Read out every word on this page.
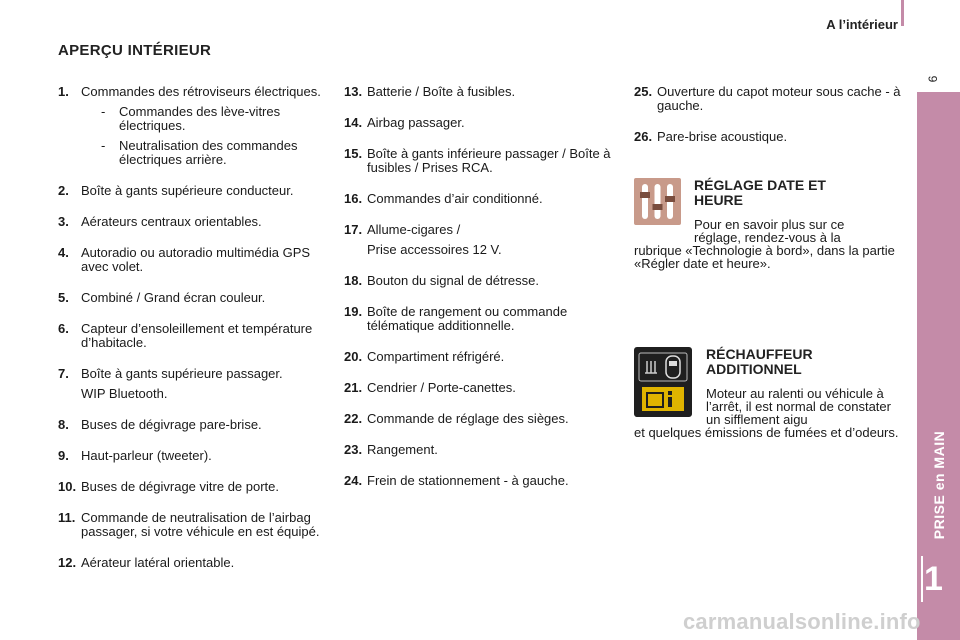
A l’intérieur
9
PRISE en MAIN
1
APERÇU INTÉRIEUR
1. Commandes des rétroviseurs électriques.
- Commandes des lève-vitres électriques.
- Neutralisation des commandes électriques arrière.
2. Boîte à gants supérieure conducteur.
3. Aérateurs centraux orientables.
4. Autoradio ou autoradio multimédia GPS avec volet.
5. Combiné / Grand écran couleur.
6. Capteur d’ensoleillement et température d’habitacle.
7. Boîte à gants supérieure passager.
WIP Bluetooth.
8. Buses de dégivrage pare-brise.
9. Haut-parleur (tweeter).
10. Buses de dégivrage vitre de porte.
11. Commande de neutralisation de l’airbag passager, si votre véhicule en est équipé.
12. Aérateur latéral orientable.
13. Batterie / Boîte à fusibles.
14. Airbag passager.
15. Boîte à gants inférieure passager / Boîte à fusibles / Prises RCA.
16. Commandes d’air conditionné.
17. Allume-cigares /
Prise accessoires 12 V.
18. Bouton du signal de détresse.
19. Boîte de rangement ou commande télématique additionnelle.
20. Compartiment réfrigéré.
21. Cendrier / Porte-canettes.
22. Commande de réglage des sièges.
23. Rangement.
24. Frein de stationnement - à gauche.
25. Ouverture du capot moteur sous cache - à gauche.
26. Pare-brise acoustique.
RÉGLAGE DATE ET HEURE
Pour en savoir plus sur ce réglage, rendez-vous à la
rubrique «Technologie à bord», dans la partie «Régler date et heure».
RÉCHAUFFEUR ADDITIONNEL
Moteur au ralenti ou véhicule à l’arrêt, il est normal de constater un sifflement aigu
et quelques émissions de fumées et d’odeurs.
carmanualsonline.info
